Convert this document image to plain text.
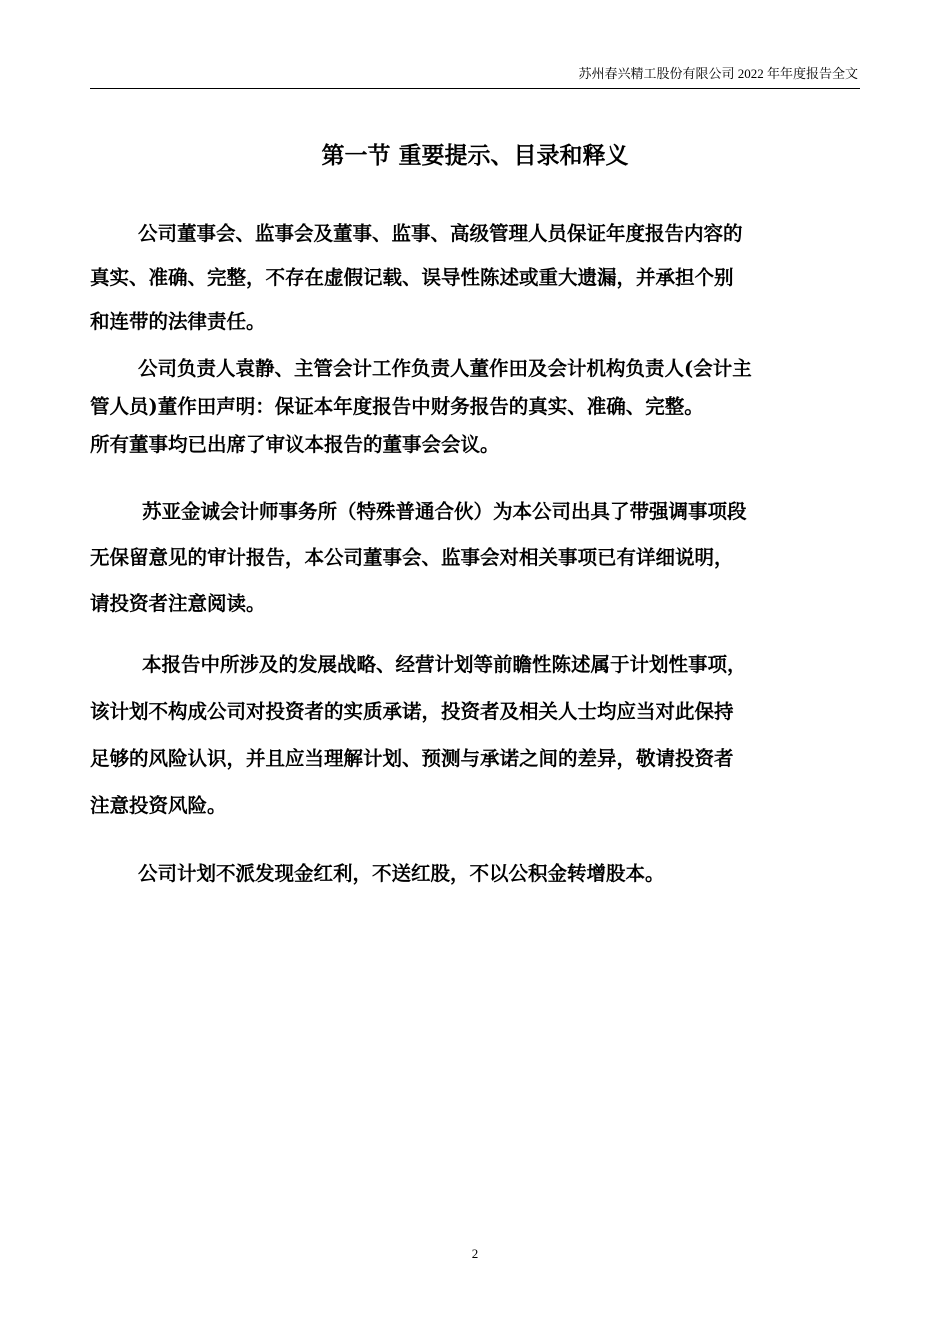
苏州春兴精工股份有限公司 2022 年年度报告全文
第一节 重要提示、目录和释义
公司董事会、监事会及董事、监事、高级管理人员保证年度报告内容的
真实、准确、完整，不存在虚假记载、误导性陈述或重大遗漏，并承担个别
和连带的法律责任。
公司负责人袁静、主管会计工作负责人董作田及会计机构负责人(会计主
管人员)董作田声明：保证本年度报告中财务报告的真实、准确、完整。
所有董事均已出席了审议本报告的董事会会议。
苏亚金诚会计师事务所（特殊普通合伙）为本公司出具了带强调事项段
无保留意见的审计报告，本公司董事会、监事会对相关事项已有详细说明，
请投资者注意阅读。
本报告中所涉及的发展战略、经营计划等前瞻性陈述属于计划性事项，
该计划不构成公司对投资者的实质承诺，投资者及相关人士均应当对此保持
足够的风险认识，并且应当理解计划、预测与承诺之间的差异，敬请投资者
注意投资风险。
公司计划不派发现金红利，不送红股，不以公积金转增股本。
2
